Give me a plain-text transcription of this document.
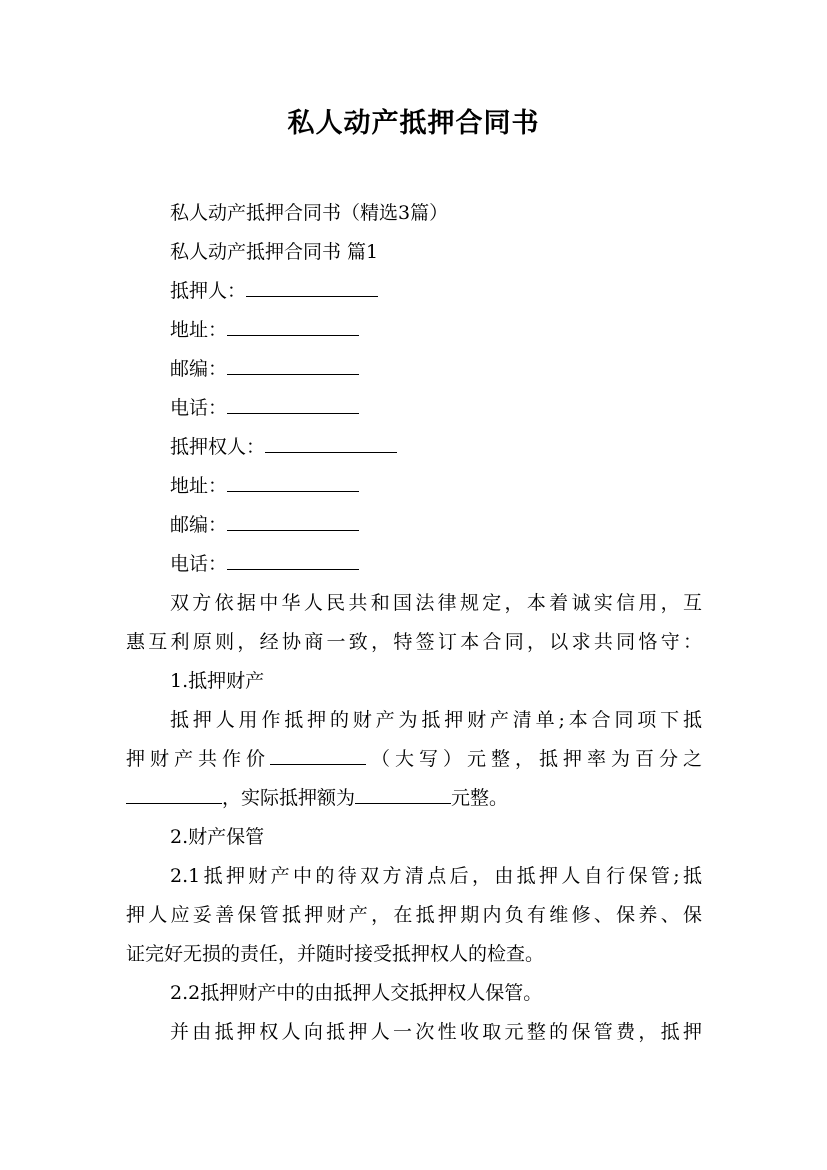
私人动产抵押合同书
私人动产抵押合同书（精选3篇）
私人动产抵押合同书 篇1
抵押人：
地址：
邮编：
电话：
抵押权人：
地址：
邮编：
电话：
双方依据中华人民共和国法律规定，本着诚实信用，互
惠互利原则，经协商一致，特签订本合同，以求共同恪守：
1.抵押财产
抵押人用作抵押的财产为抵押财产清单;本合同项下抵
押财产共作价	（大写）元整，抵押率为百分之
，实际抵押额为	元整。
2.财产保管
2.1抵押财产中的待双方清点后，由抵押人自行保管;抵
押人应妥善保管抵押财产，在抵押期内负有维修、保养、保
证完好无损的责任，并随时接受抵押权人的检查。
2.2抵押财产中的由抵押人交抵押权人保管。
并由抵押权人向抵押人一次性收取元整的保管费，抵押
